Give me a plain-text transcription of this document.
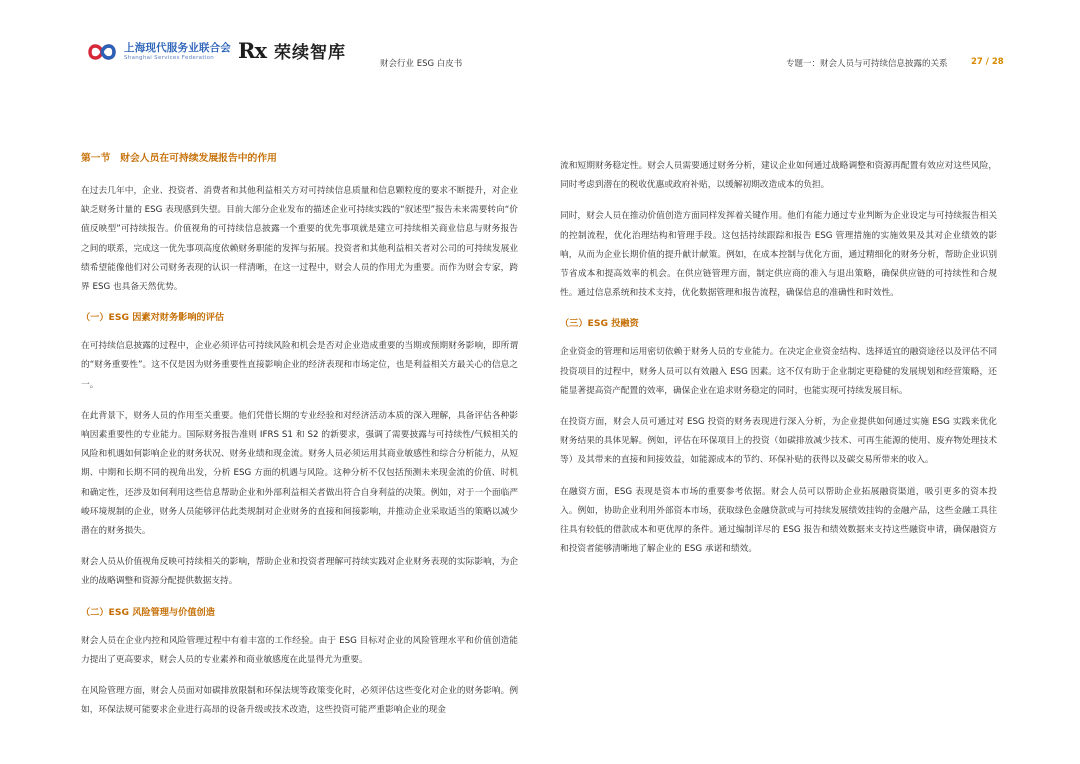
上海现代服务业联合会
Shanghai Services Federation	Rx 荣续智库
财会行业 ESG 白皮书	专题一：财会人员与可持续信息披露的关系	27 / 28
第一节　财会人员在可持续发展报告中的作用

在过去几年中，企业、投资者、消费者和其他利益相关方对可持续信息质量和信息颗粒度的要求不断提升，对企业缺乏财务计量的 ESG 表现感到失望。目前大部分企业发布的描述企业可持续实践的“叙述型”报告未来需要转向“价值反映型”可持续报告。价值视角的可持续信息披露一个重要的优先事项就是建立可持续相关商业信息与财务报告之间的联系，完成这一优先事项高度依赖财务职能的发挥与拓展。投资者和其他利益相关者对公司的可持续发展业绩希望能像他们对公司财务表现的认识一样清晰，在这一过程中，财会人员的作用尤为重要。而作为财会专家，跨界 ESG 也具备天然优势。

（一）ESG 因素对财务影响的评估

在可持续信息披露的过程中，企业必须评估可持续风险和机会是否对企业造成重要的当期或预期财务影响，即所谓的“财务重要性”。这不仅是因为财务重要性直接影响企业的经济表现和市场定位，也是利益相关方最关心的信息之一。

在此背景下，财务人员的作用至关重要。他们凭借长期的专业经验和对经济活动本质的深入理解，具备评估各种影响因素重要性的专业能力。国际财务报告准则 IFRS S1 和 S2 的新要求，强调了需要披露与可持续性/气候相关的风险和机遇如何影响企业的财务状况、财务业绩和现金流。财务人员必须运用其商业敏感性和综合分析能力，从短期、中期和长期不同的视角出发，分析 ESG 方面的机遇与风险。这种分析不仅包括预测未来现金流的价值、时机和确定性，还涉及如何利用这些信息帮助企业和外部利益相关者做出符合自身利益的决策。例如，对于一个面临严峻环境规制的企业，财务人员能够评估此类规制对企业财务的直接和间接影响，并推动企业采取适当的策略以减少潜在的财务损失。

财会人员从价值视角反映可持续相关的影响，帮助企业和投资者理解可持续实践对企业财务表现的实际影响，为企业的战略调整和资源分配提供数据支持。

（二）ESG 风险管理与价值创造

财会人员在企业内控和风险管理过程中有着丰富的工作经验。由于 ESG 目标对企业的风险管理水平和价值创造能力提出了更高要求，财会人员的专业素养和商业敏感度在此显得尤为重要。

在风险管理方面，财会人员面对如碳排放限制和环保法规等政策变化时，必须评估这些变化对企业的财务影响。例如，环保法规可能要求企业进行高昂的设备升级或技术改造，这些投资可能严重影响企业的现金

流和短期财务稳定性。财会人员需要通过财务分析，建议企业如何通过战略调整和资源再配置有效应对这些风险，同时考虑到潜在的税收优惠或政府补贴，以缓解初期改造成本的负担。

同时，财会人员在推动价值创造方面同样发挥着关键作用。他们有能力通过专业判断为企业设定与可持续报告相关的控制流程，优化治理结构和管理手段。这包括持续跟踪和报告 ESG 管理措施的实施效果及其对企业绩效的影响，从而为企业长期价值的提升献计献策。例如，在成本控制与优化方面，通过精细化的财务分析，帮助企业识别节省成本和提高效率的机会。在供应链管理方面，制定供应商的准入与退出策略，确保供应链的可持续性和合规性。通过信息系统和技术支持，优化数据管理和报告流程，确保信息的准确性和时效性。

（三）ESG 投融资

企业资金的管理和运用密切依赖于财务人员的专业能力。在决定企业资金结构、选择适宜的融资途径以及评估不同投资项目的过程中，财务人员可以有效融入 ESG 因素。这不仅有助于企业制定更稳健的发展规划和经营策略，还能显著提高资产配置的效率，确保企业在追求财务稳定的同时，也能实现可持续发展目标。

在投资方面，财会人员可通过对 ESG 投资的财务表现进行深入分析，为企业提供如何通过实施 ESG 实践来优化财务结果的具体见解。例如，评估在环保项目上的投资（如碳排放减少技术、可再生能源的使用、废弃物处理技术等）及其带来的直接和间接效益，如能源成本的节约、环保补贴的获得以及碳交易所带来的收入。

在融资方面，ESG 表现是资本市场的重要参考依据。财会人员可以帮助企业拓展融资渠道，吸引更多的资本投入。例如，协助企业利用外部资本市场，获取绿色金融贷款或与可持续发展绩效挂钩的金融产品，这些金融工具往往具有较低的借款成本和更优厚的条件。通过编制详尽的 ESG 报告和绩效数据来支持这些融资申请，确保融资方和投资者能够清晰地了解企业的 ESG 承诺和绩效。
